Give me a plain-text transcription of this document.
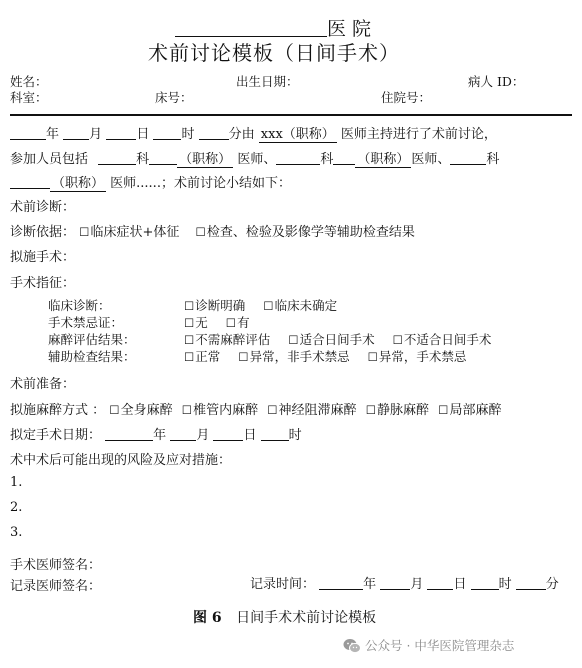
医 院
术前讨论模板（日间手术）
姓名：	出生日期：	病人 ID：
科室：	床号：	住院号：
年 月	日 时	分由 xxx（职称） 医师主持进行了术前讨论，
参加人员包括	科 （职称） 医师、	科 （职称） 医师、	科
（职称） 医师......；术前讨论小结如下：
术前诊断：
诊断依据： ☐临床症状+体征 ☐检查、检验及影像学等辅助检查结果
拟施手术：
手术指征：
临床诊断：	☐诊断明确 ☐临床未确定
手术禁忌证：	☐无 ☐有
麻醉评估结果：	☐不需麻醉评估 ☐适合日间手术 ☐不适合日间手术
辅助检查结果：	☐正常 ☐异常，非手术禁忌 ☐异常，手术禁忌
术前准备：
拟施麻醉方式 ： ☐全身麻醉 ☐椎管内麻醉 ☐神经阻滞麻醉 ☐静脉麻醉 ☐局部麻醉
拟定手术日期：	年 月	日 时
术中术后可能出现的风险及应对措施：
1.
2.
3.
手术医师签名：
记录医师签名：	记录时间：	年	月 日 时	分
图 6 日间手术术前讨论模板
公众号 · 中华医院管理杂志
